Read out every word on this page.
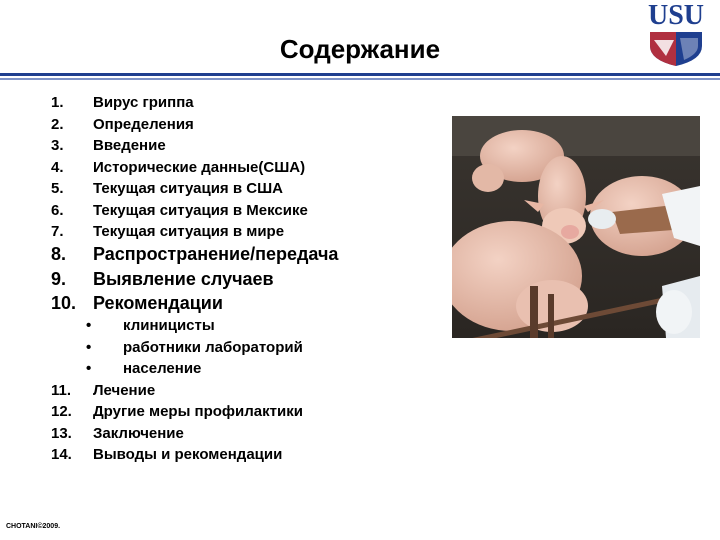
Содержание
USU
1. Вирус гриппа
2. Определения
3. Введение
4. Исторические данные(США)
5. Текущая ситуация в США
6. Текущая ситуация в Мексике
7. Текущая ситуация в мире
8. Распространение/передача
9. Выявление случаев
10. Рекомендации
• клиницисты
• работники лабораторий
• население
11. Лечение
12. Другие меры профилактики
13. Заключение
14. Выводы и рекомендации
CHOTANI©2009.
